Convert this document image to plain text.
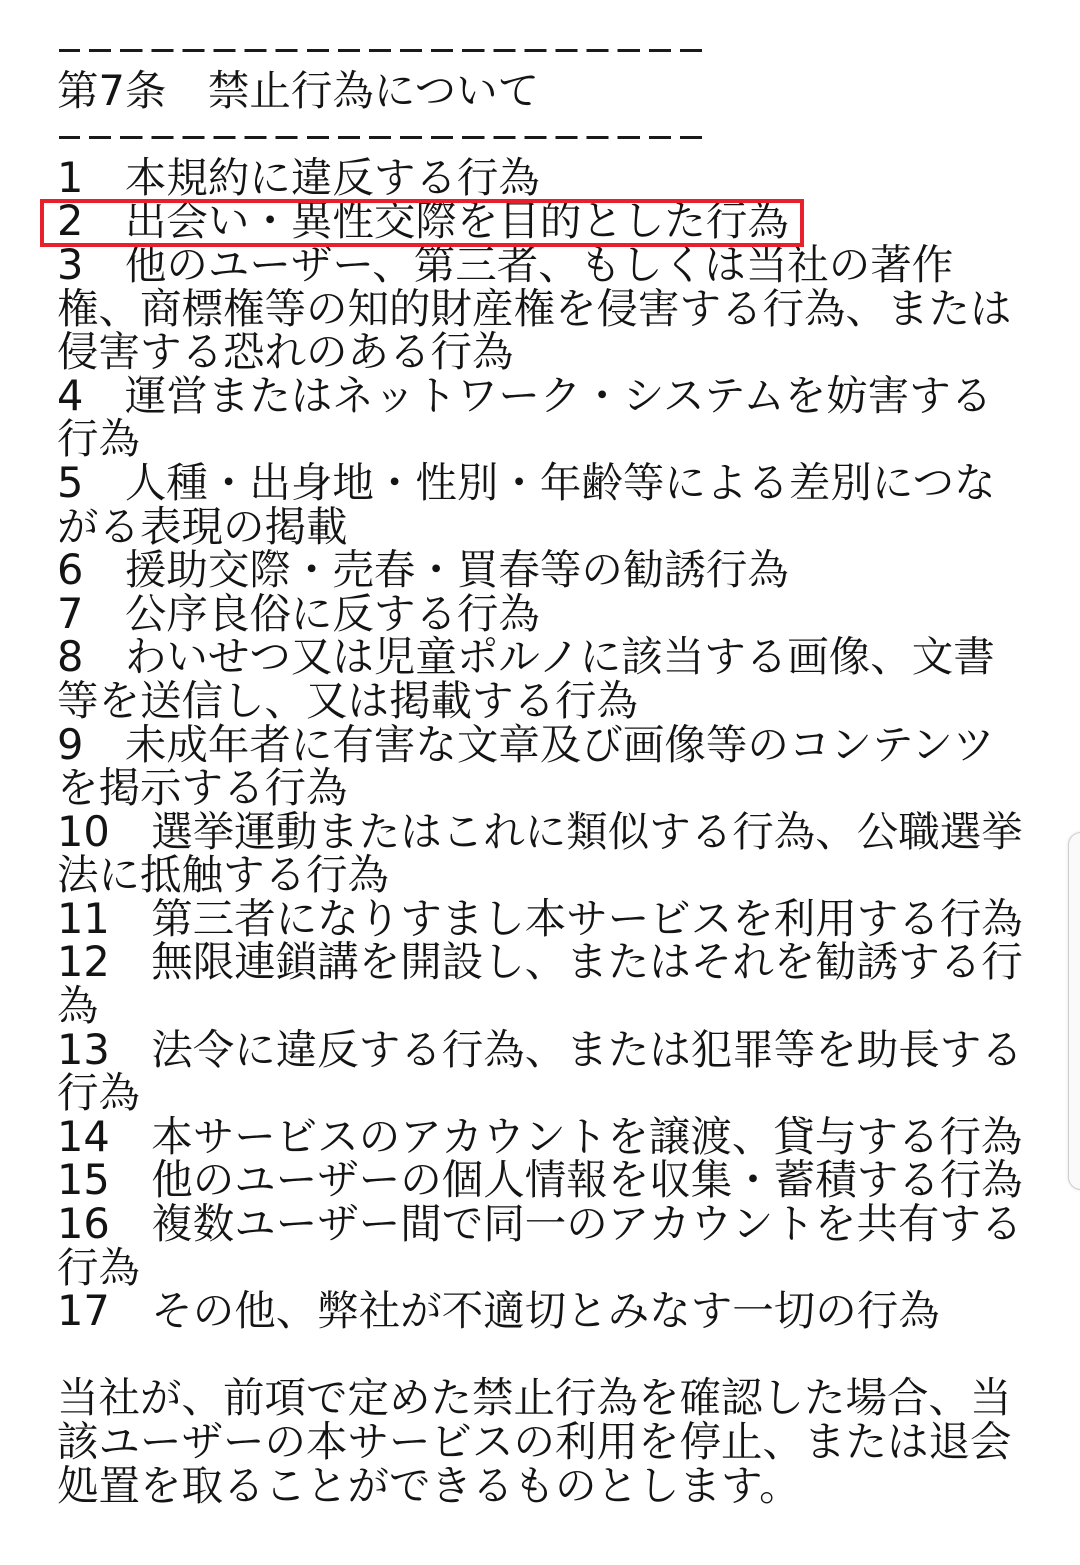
第7条　禁止行為について
1　本規約に違反する行為
2　出会い・異性交際を目的とした行為
3　他のユーザー、第三者、もしくは当社の著作
権、商標権等の知的財産権を侵害する行為、または
侵害する恐れのある行為
4　運営またはネットワーク・システムを妨害する
行為
5　人種・出身地・性別・年齢等による差別につな
がる表現の掲載
6　援助交際・売春・買春等の勧誘行為
7　公序良俗に反する行為
8　わいせつ又は児童ポルノに該当する画像、文書
等を送信し、又は掲載する行為
9　未成年者に有害な文章及び画像等のコンテンツ
を掲示する行為
10　選挙運動またはこれに類似する行為、公職選挙
法に抵触する行為
11　第三者になりすまし本サービスを利用する行為
12　無限連鎖講を開設し、またはそれを勧誘する行
為
13　法令に違反する行為、または犯罪等を助長する
行為
14　本サービスのアカウントを譲渡、貸与する行為
15　他のユーザーの個人情報を収集・蓄積する行為
16　複数ユーザー間で同一のアカウントを共有する
行為
17　その他、弊社が不適切とみなす一切の行為
当社が、前項で定めた禁止行為を確認した場合、当
該ユーザーの本サービスの利用を停止、または退会
処置を取ることができるものとします。
